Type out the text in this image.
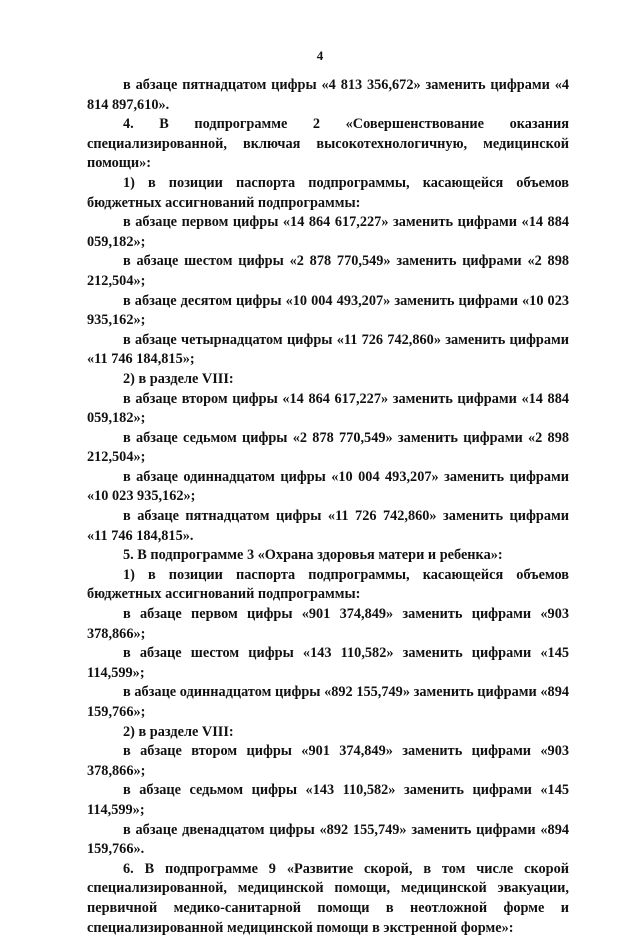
4

в абзаце пятнадцатом цифры «4 813 356,672» заменить цифрами «4 814 897,610».

4. В подпрограмме 2 «Совершенствование оказания специализированной, включая высокотехнологичную, медицинской помощи»:

1) в позиции паспорта подпрограммы, касающейся объемов бюджетных ассигнований подпрограммы:

в абзаце первом цифры «14 864 617,227» заменить цифрами «14 884 059,182»;

в абзаце шестом цифры «2 878 770,549» заменить цифрами «2 898 212,504»;

в абзаце десятом цифры «10 004 493,207» заменить цифрами «10 023 935,162»;

в абзаце четырнадцатом цифры «11 726 742,860» заменить цифрами «11 746 184,815»;

2) в разделе VIII:

в абзаце втором цифры «14 864 617,227» заменить цифрами «14 884 059,182»;

в абзаце седьмом цифры «2 878 770,549» заменить цифрами «2 898 212,504»;

в абзаце одиннадцатом цифры «10 004 493,207» заменить цифрами «10 023 935,162»;

в абзаце пятнадцатом цифры «11 726 742,860» заменить цифрами «11 746 184,815».

5. В подпрограмме 3 «Охрана здоровья матери и ребенка»:

1) в позиции паспорта подпрограммы, касающейся объемов бюджетных ассигнований подпрограммы:

в абзаце первом цифры «901 374,849» заменить цифрами «903 378,866»;

в абзаце шестом цифры «143 110,582» заменить цифрами «145 114,599»;

в абзаце одиннадцатом цифры «892 155,749» заменить цифрами «894 159,766»;

2) в разделе VIII:

в абзаце втором цифры «901 374,849» заменить цифрами «903 378,866»;

в абзаце седьмом цифры «143 110,582» заменить цифрами «145 114,599»;

в абзаце двенадцатом цифры «892 155,749» заменить цифрами «894 159,766».

6. В подпрограмме 9 «Развитие скорой, в том числе скорой специализированной, медицинской помощи, медицинской эвакуации, первичной медико-санитарной помощи в неотложной форме и специализированной медицинской помощи в экстренной форме»:
